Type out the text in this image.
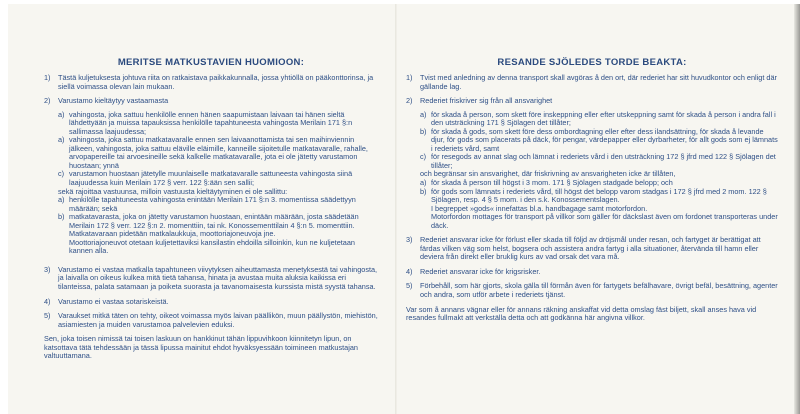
MERITSE MATKUSTAVIEN HUOMIOON:
1)	Tästä kuljetuksesta johtuva riita on ratkaistava paikkakunnalla, jossa yhtiöllä on pääkonttorinsa, ja siellä voimassa olevan lain mukaan.
2)	Varustamo kieltäytyy vastaamasta

a) vahingosta, joka sattuu henkilölle ennen hänen saapumistaan laivaan tai hänen sieltä lähdettyään ja muissa tapauksissa henkilölle tapahtuneesta vahingosta Merilain 171 §:n sallimassa laajuudessa;
a) vahingosta, joka sattuu matkatavaralle ennen sen laivaanottamista tai sen maihinviennin jälkeen, vahingosta, joka sattuu eläville eläimille, kanneille sijoitetulle matkatavaralle, rahalle, arvopapereille tai arvoesineille sekä kalkelle matkatavaralle, jota ei ole jätetty varustamon huostaan; ynnä
c) varustamon huostaan jätetylle muunlaiselle matkatavaralle sattuneesta vahingosta siinä laajuudessa kuin Merilain 172 § verr. 122 §:ään sen sallii;

sekä rajoittaa vastuunsa, milloin vastuusta kieltäytyminen ei ole sallittu:

a) henkilölle tapahtuneesta vahingosta enintään Merilain 171 §:n 3. momentissa säädettyyn määrään; sekä
b) matkatavarasta, joka on jätetty varustamon huostaan, enintään määrään, josta säädetään Merilain 172 § verr. 122 §:n 2. momenttiin, tai nk. Konossementtilain 4 §:n 5. momenttiin.

Matkatavaraan pidetään matkalaukkuja, moottoriajoneuvoja jne.

Moottoriajoneuvot otetaan kuljetettaviksi kansilastin ehdoilla silloinkin, kun ne kuljetetaan kannen alla.

3)	Varustamo ei vastaa matkalla tapahtuneen viivytyksen aiheuttamasta menetyksestä tai vahingosta, ja laivalla on oikeus kulkea mitä tietä tahansa, hinata ja avustaa muita aluksia kaikissa eri tilanteissa, palata satamaan ja poiketa suorasta ja tavanomaisesta kurssista mistä syystä tahansa.
4)	Varustamo ei vastaa sotariskeistä.
5)	Varaukset mitkä täten on tehty, oikeot voimassa myös laivan päällikön, muun päällystön, miehistön, asiamiesten ja muiden varustamoa palvelevien eduksi.

Sen, joka toisen nimissä tai toisen laskuun on hankkinut tähän lippuvihkoon kiinnitetyn lipun, on katsottava tätä tehdessään ja tässä lipussa mainitut ehdot hyväksyessään toimineen matkustajan valtuuttamana.

RESANDE SJÖLEDES TORDE BEAKTA:
1)	Tvist med anledning av denna transport skall avgöras å den ort, där rederiet har sitt huvudkontor och enligt där gällande lag.
2)	Rederiet friskriver sig från all ansvarighet

a) för skada å person, som skett före inskeppning eller efter utskeppning samt för skada å person i andra fall i den utsträckning 171 § Sjölagen det tillåter;
b) för skada å gods, som skett före dess ombordtagning eller efter dess ilandsättning, för skada å levande djur, för gods som placerats på däck, för pengar, värdepapper eller dyrbarheter, för allt gods som ej lämnats i rederiets vård, samt
c) för resegods av annat slag och lämnat i rederiets vård i den utsträckning 172 § jfrd med 122 § Sjölagen det tillåter;

och begränsar sin ansvarighet, där friskrivning av ansvarigheten icke är tillåten,

a) för skada å person till högst i 3 mom. 171 § Sjölagen stadgade belopp; och
b) för gods som lämnats i rederiets vård, till högst det belopp varom stadgas i 172 § jfrd med 2 mom. 122 § Sjölagen, resp. 4 § 5 mom. i den s.k. Konossementslagen.

I begreppet »gods« innefattas bl.a. handbagage samt motorfordon.

Motorfordon mottages för transport på villkor som gäller för däckslast även om fordonet transporteras under däck.

3)	Rederiet ansvarar icke för förlust eller skada till följd av dröjsmål under resan, och fartyget är berättigat att färdas vilken väg som helst, bogsera och assistera andra fartyg i alla situationer, återvända till hamn eller deviera från direkt eller bruklig kurs av vad orsak det vara må.
4)	Rederiet ansvarar icke för krigsrisker.
5)	Förbehåll, som här gjorts, skola gälla till förmån även för fartygets befälhavare, övrigt befäl, besättning, agenter och andra, som utför arbete i rederiets tjänst.

Var som å annans vägnar eller för annans räkning anskaffat vid detta omslag fäst biljett, skall anses hava vid resandes fullmakt att verkställa detta och att godkänna här angivna villkor.
